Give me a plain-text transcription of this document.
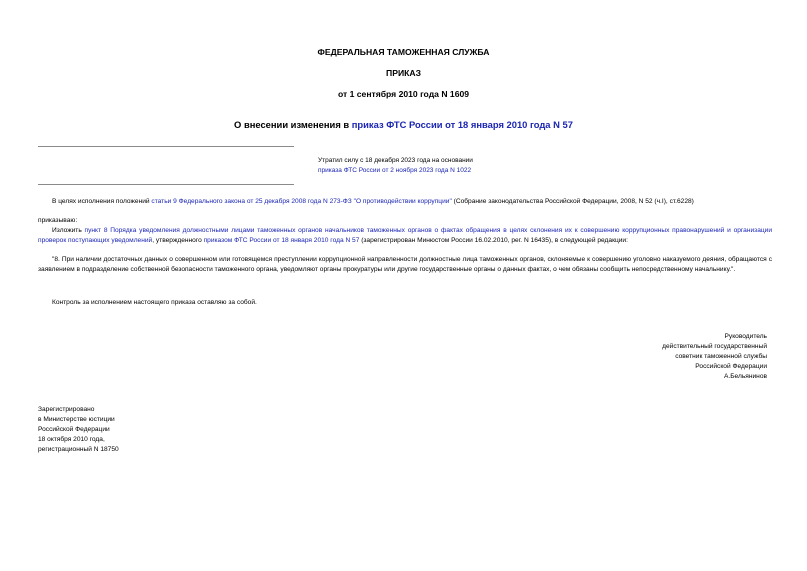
ФЕДЕРАЛЬНАЯ ТАМОЖЕННАЯ СЛУЖБА
ПРИКАЗ
от 1 сентября 2010 года N 1609
О внесении изменения в приказ ФТС России от 18 января 2010 года N 57
Утратил силу с 18 декабря 2023 года на основании
приказа ФТС России от 2 ноября 2023 года N 1022
В целях исполнения положений статьи 9 Федерального закона от 25 декабря 2008 года N 273-ФЗ "О противодействии коррупции" (Собрание законодательства Российской Федерации, 2008, N 52 (ч.I), ст.6228)
приказываю:
Изложить пункт 8 Порядка уведомления должностными лицами таможенных органов начальников таможенных органов о фактах обращения в целях склонения их к совершению коррупционных правонарушений и организации проверок поступающих уведомлений, утвержденного приказом ФТС России от 18 января 2010 года N 57 (зарегистрирован Минюстом России 16.02.2010, рег. N 16435), в следующей редакции:
"8. При наличии достаточных данных о совершенном или готовящемся преступлении коррупционной направленности должностные лица таможенных органов, склоняемые к совершению уголовно наказуемого деяния, обращаются с заявлением в подразделение собственной безопасности таможенного органа, уведомляют органы прокуратуры или другие государственные органы о данных фактах, о чем обязаны сообщить непосредственному начальнику.".
Контроль за исполнением настоящего приказа оставляю за собой.
Руководитель
действительный государственный
советник таможенной службы
Российской Федерации
А.Бельянинов
Зарегистрировано
в Министерстве юстиции
Российской Федерации
18 октября 2010 года,
регистрационный N 18750
